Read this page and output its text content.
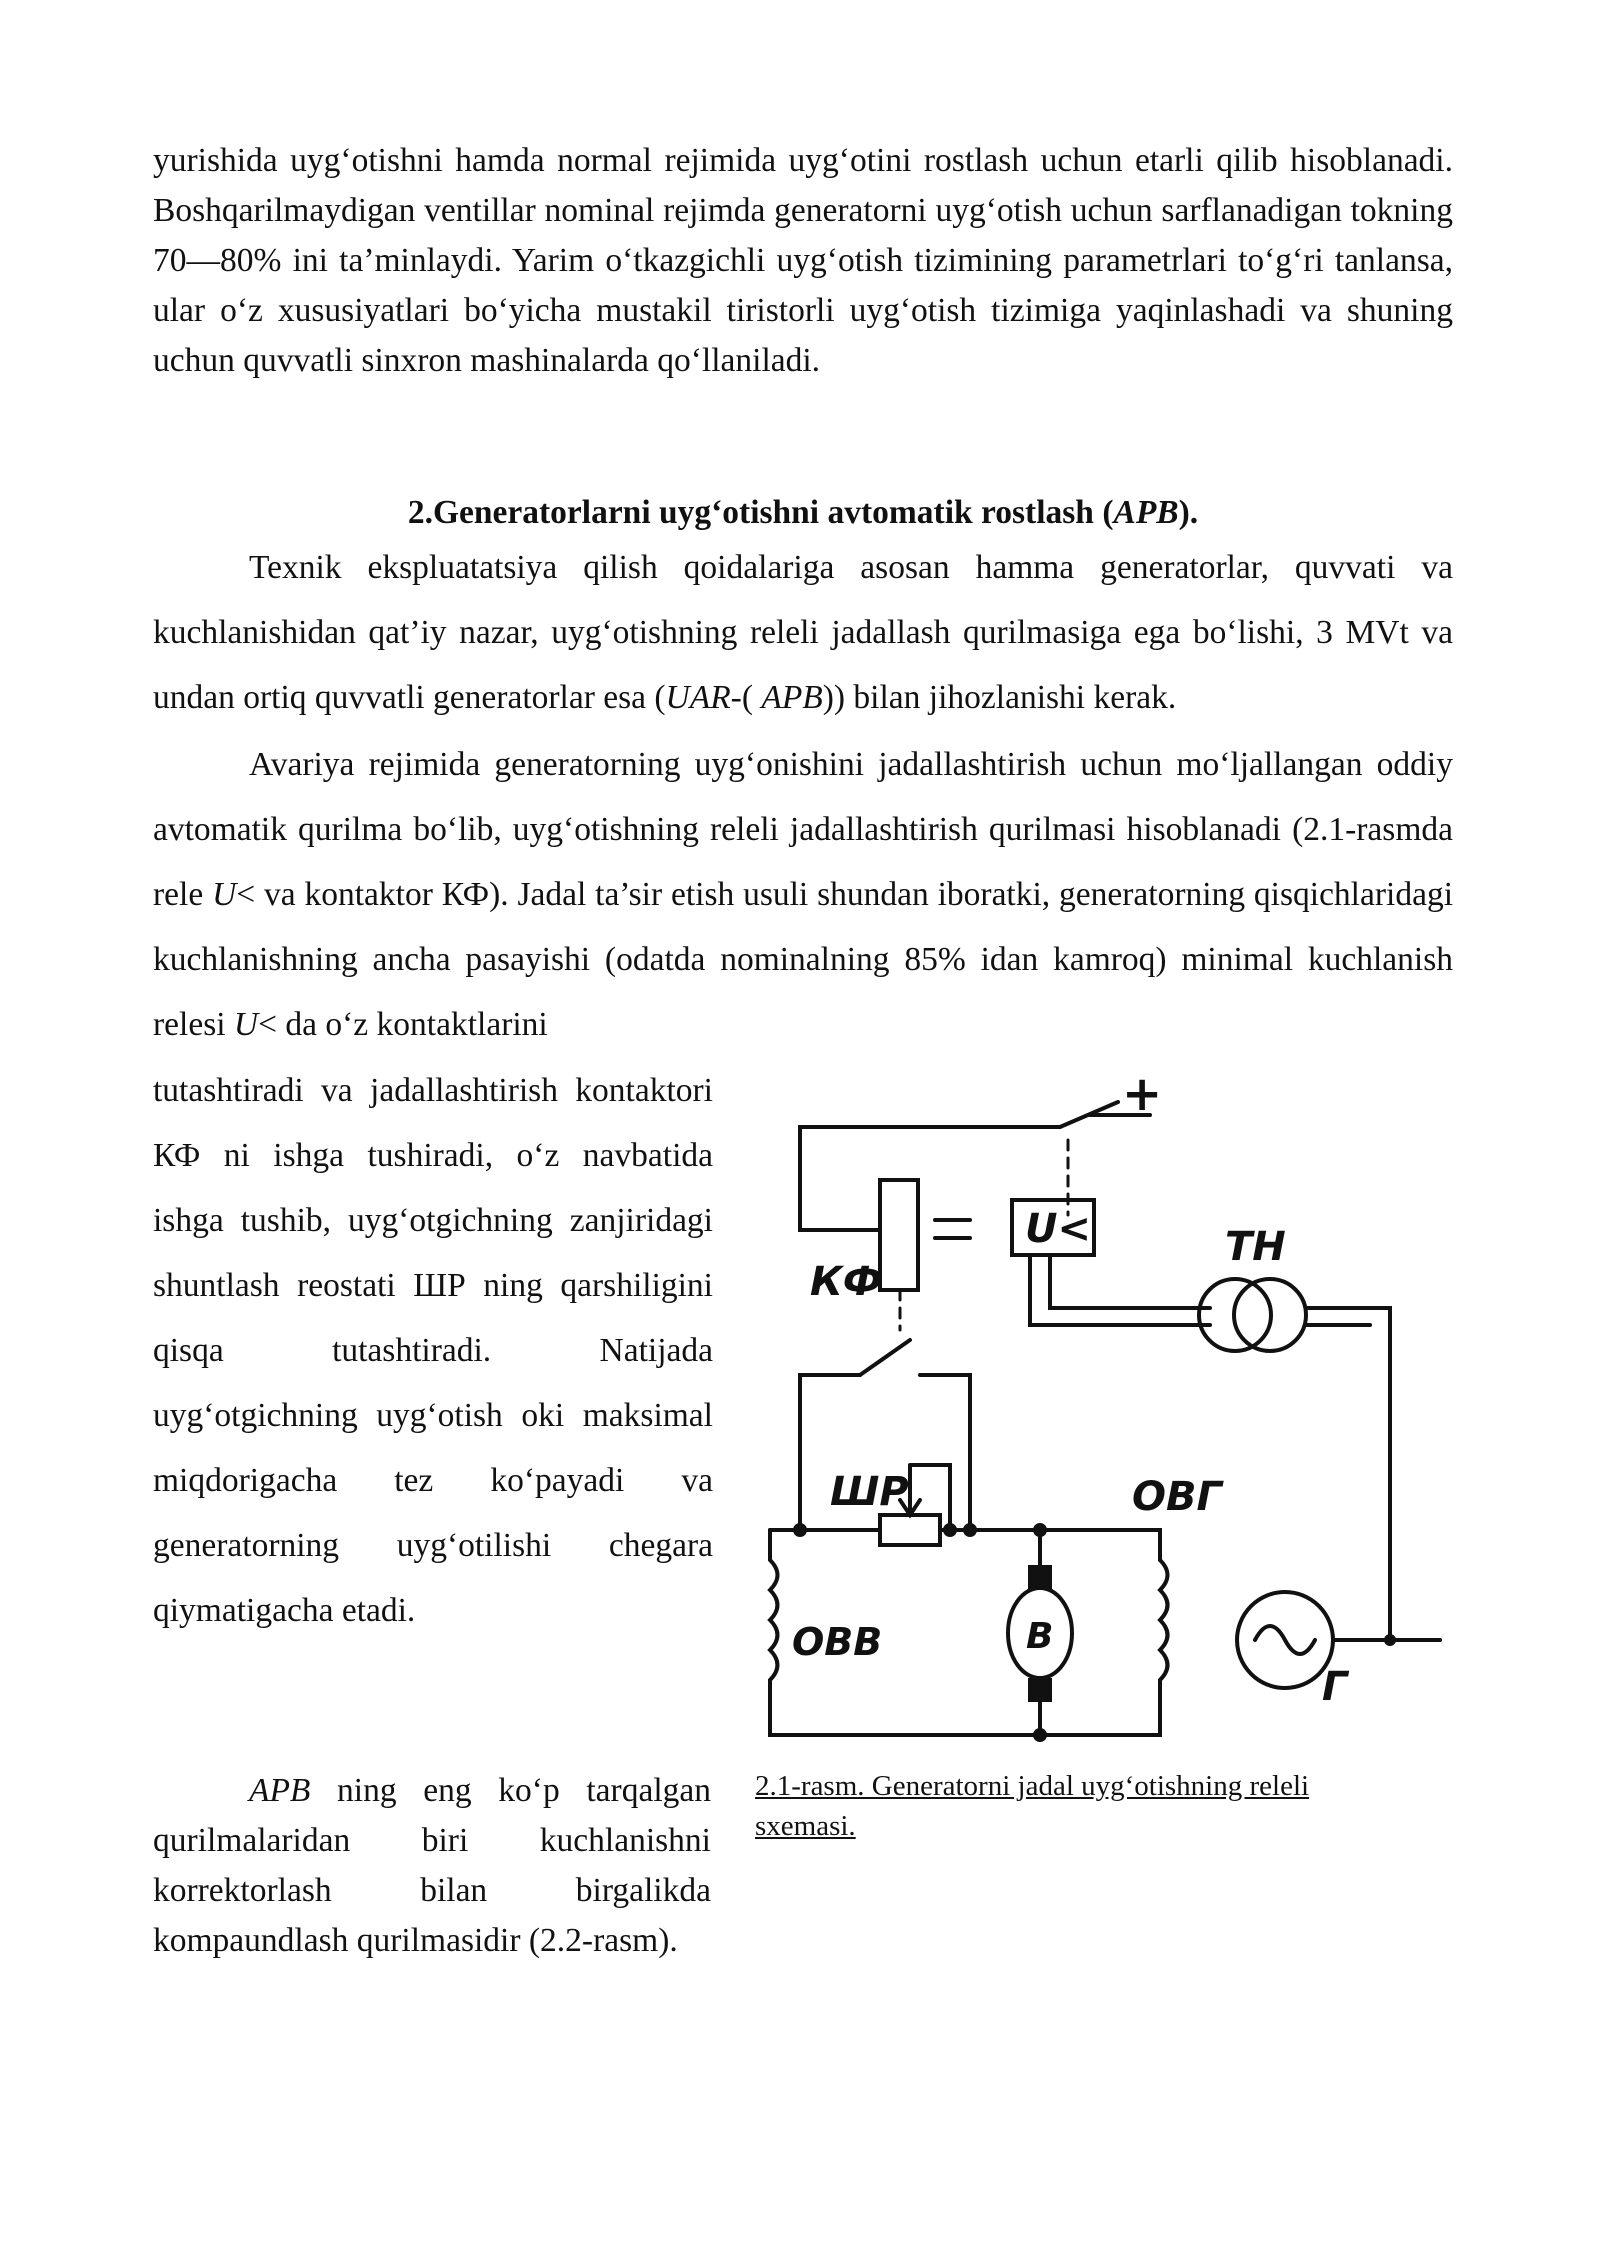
yurishida uyg‘otishni hamda normal rejimida uyg‘otini rostlash uchun etarli qilib hisoblanadi. Boshqarilmaydigan ventillar nominal rejimda generatorni uyg‘otish uchun sarflanadigan tokning 70—80% ini ta’minlaydi. Yarim o‘tkazgichli uyg‘otish tizimining parametrlari to‘g‘ri tanlansa, ular o‘z xususiyatlari bo‘yicha mustakil tiristorli uyg‘otish tizimiga yaqinlashadi va shuning uchun quvvatli sinxron mashinalarda qo‘llaniladi.

2.Generatorlarni uyg‘otishni avtomatik rostlash (APB).

Texnik ekspluatatsiya qilish qoidalariga asosan hamma generatorlar, quvvati va kuchlanishidan qat’iy nazar, uyg‘otishning releli jadallash qurilmasiga ega bo‘lishi, 3 MVt va undan ortiq quvvatli generatorlar esa (UAR-( APB)) bilan jihozlanishi kerak.

Avariya rejimida generatorning uyg‘onishini jadallashtirish uchun mo‘ljallangan oddiy avtomatik qurilma bo‘lib, uyg‘otishning releli jadallashtirish qurilmasi hisoblanadi (2.1-rasmda rele U< va kontaktor КФ). Jadal ta’sir etish usuli shundan iboratki, generatorning qisqichlaridagi kuchlanishning ancha pasayishi (odatda nominalning 85% idan kamroq) minimal kuchlanish relesi U< da o‘z kontaktlarini

tutashtiradi va jadallashtirish kontaktori КФ ni ishga tushiradi, o‘z navbatida ishga tushib, uyg‘otgichning zanjiridagi shuntlash reostati ШР ning qarshiligini qisqa tutashtiradi. Natijada uyg‘otgichning uyg‘otish oki maksimal miqdorigacha tez ko‘payadi va generatorning uyg‘otilishi chegara qiymatigacha etadi.

APB ning eng ko‘p tarqalgan qurilmalaridan biri kuchlanishni korrektorlash bilan birgalikda kompaundlash qurilmasidir (2.2-rasm).

+
КФ
U<	TH
ШР	ОВГ
ОВВ	В
Г

2.1-rasm. Generatorni jadal uyg‘otishning releli sxemasi.
